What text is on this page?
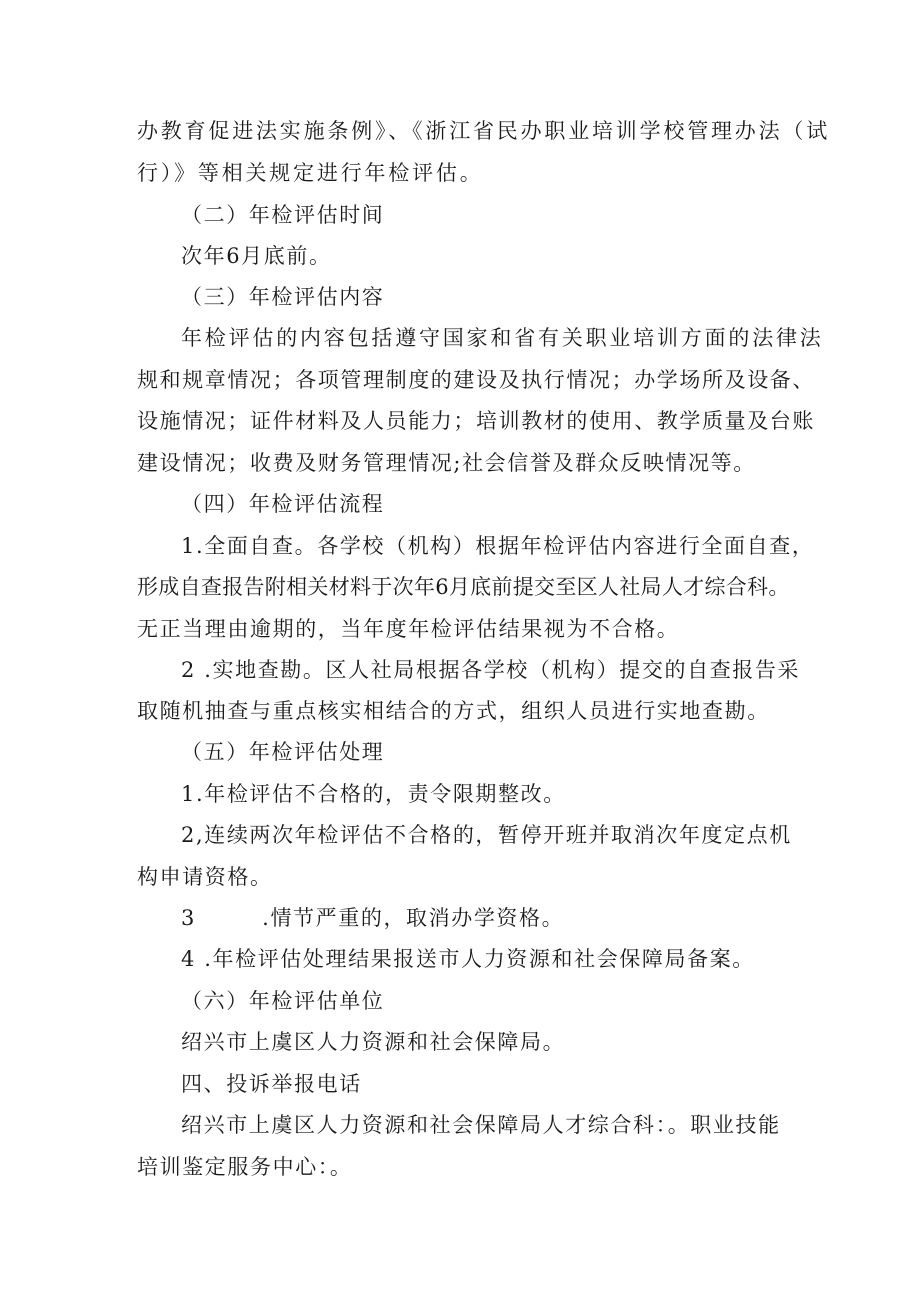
办教育促进法实施条例》、《浙江省民办职业培训学校管理办法（试
行）》等相关规定进行年检评估。
（二）年检评估时间
次年6月底前。
（三）年检评估内容
年检评估的内容包括遵守国家和省有关职业培训方面的法律法
规和规章情况；各项管理制度的建设及执行情况；办学场所及设备、
设施情况；证件材料及人员能力；培训教材的使用、教学质量及台账
建设情况；收费及财务管理情况;社会信誉及群众反映情况等。
（四）年检评估流程
1.全面自查。各学校（机构）根据年检评估内容进行全面自查，
形成自查报告附相关材料于次年6月底前提交至区人社局人才综合科。
无正当理由逾期的，当年度年检评估结果视为不合格。
2 .实地查勘。区人社局根据各学校（机构）提交的自查报告采
取随机抽查与重点核实相结合的方式，组织人员进行实地查勘。
（五）年检评估处理
1.年检评估不合格的，责令限期整改。
2,连续两次年检评估不合格的，暂停开班并取消次年度定点机
构申请资格。
3        .情节严重的，取消办学资格。
4 .年检评估处理结果报送市人力资源和社会保障局备案。
（六）年检评估单位
绍兴市上虞区人力资源和社会保障局。
四、投诉举报电话
绍兴市上虞区人力资源和社会保障局人才综合科：。职业技能
培训鉴定服务中心：。
